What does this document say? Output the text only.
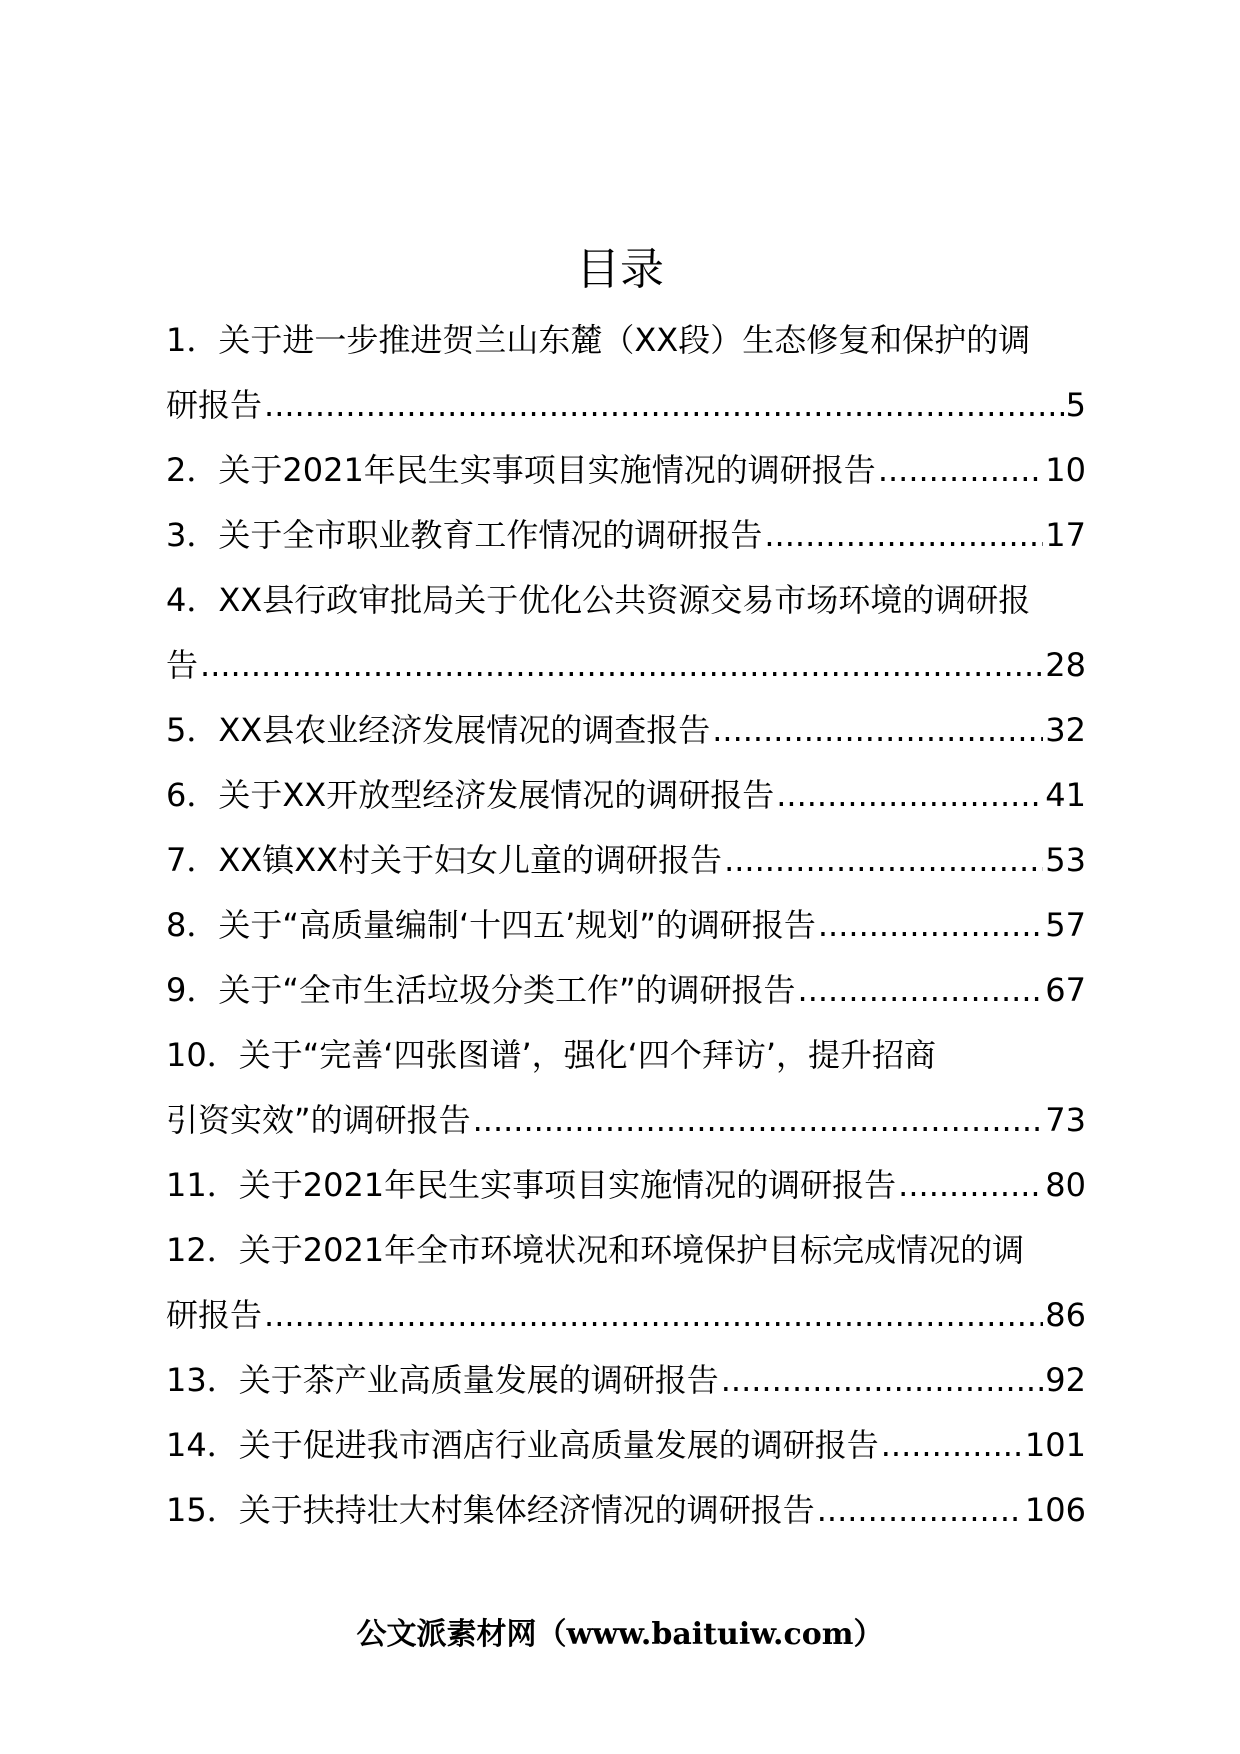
目录
1．关于进一步推进贺兰山东麓（XX段）生态修复和保护的调
研报告 .....	5
2．关于2021年民生实事项目实施情况的调研报告 .....	10
3．关于全市职业教育工作情况的调研报告 .....	17
4．XX县行政审批局关于优化公共资源交易市场环境的调研报
告 .....	28
5．XX县农业经济发展情况的调查报告 .....	32
6．关于XX开放型经济发展情况的调研报告 .....	41
7．XX镇XX村关于妇女儿童的调研报告 .....	53
8．关于“高质量编制‘十四五’规划”的调研报告 .....	57
9．关于“全市生活垃圾分类工作”的调研报告 .....	67
10．关于“完善‘四张图谱’，强化‘四个拜访’，提升招商
引资实效”的调研报告 .....	73
11．关于2021年民生实事项目实施情况的调研报告 .....	80
12．关于2021年全市环境状况和环境保护目标完成情况的调
研报告 .....	86
13．关于茶产业高质量发展的调研报告 .....	92
14．关于促进我市酒店行业高质量发展的调研报告 .....	101
15．关于扶持壮大村集体经济情况的调研报告 .....	106
公文派素材网（www.baituiw.com）
